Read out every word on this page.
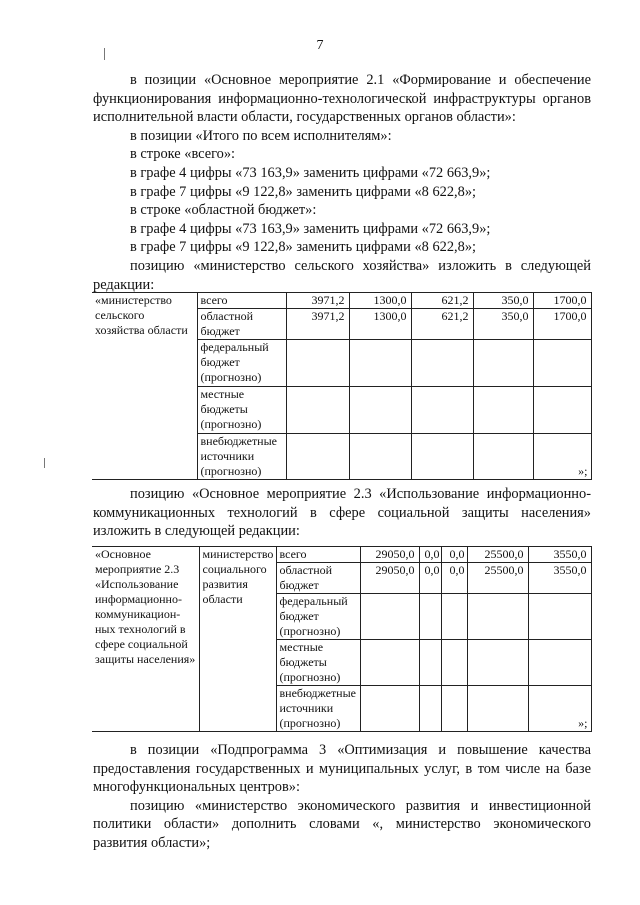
7

в позиции «Основное мероприятие 2.1 «Формирование и обеспечение функционирования информационно-технологической инфраструктуры органов исполнительной власти области, государственных органов области»:

в позиции «Итого по всем исполнителям»:

в строке «всего»:

в графе 4 цифры «73 163,9» заменить цифрами «72 663,9»;

в графе 7 цифры «9 122,8» заменить цифрами «8 622,8»;

в строке «областной бюджет»:

в графе 4 цифры «73 163,9» заменить цифрами «72 663,9»;

в графе 7 цифры «9 122,8» заменить цифрами «8 622,8»;

позицию «министерство сельского хозяйства» изложить в следующей редакции:

«министерство сельского хозяйства области	всего	3971,2	1300,0	621,2	350,0	1700,0
	областной бюджет	3971,2	1300,0	621,2	350,0	1700,0
	федеральный бюджет (прогнозно)					
	местные бюджеты (прогнозно)					
	внебюджетные источники (прогнозно)					»;

позицию «Основное мероприятие 2.3 «Использование информационно-коммуникационных технологий в сфере социальной защиты населения» изложить в следующей редакции:

«Основное мероприятие 2.3 «Использование информационно-коммуникацион-ных технологий в сфере социальной защиты населения»	министерство социального развития области	всего	29050,0	0,0	0,0	25500,0	3550,0
		областной бюджет	29050,0	0,0	0,0	25500,0	3550,0
		федеральный бюджет (прогнозно)					
		местные бюджеты (прогнозно)					
		внебюджетные источники (прогнозно)					»;

в позиции «Подпрограмма 3 «Оптимизация и повышение качества предоставления государственных и муниципальных услуг, в том числе на базе многофункциональных центров»:

позицию «министерство экономического развития и инвестиционной политики области» дополнить словами «, министерство экономического развития области»;
